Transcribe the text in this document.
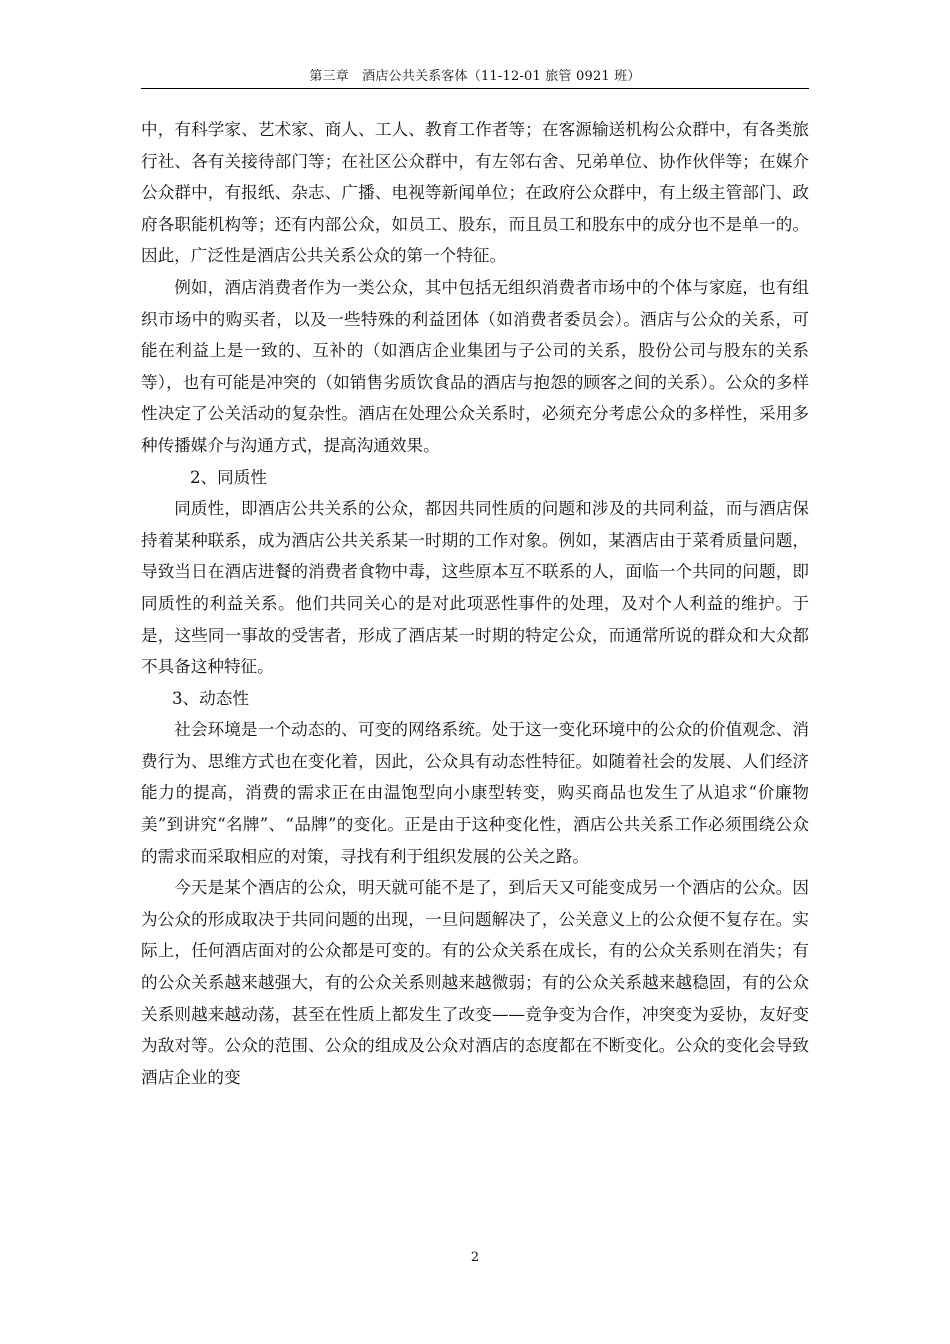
第三章　酒店公共关系客体（11-12-01 旅管 0921 班）

中，有科学家、艺术家、商人、工人、教育工作者等；在客源输送机构公众群中，有各类旅行社、各有关接待部门等；在社区公众群中，有左邻右舍、兄弟单位、协作伙伴等；在媒介公众群中，有报纸、杂志、广播、电视等新闻单位；在政府公众群中，有上级主管部门、政府各职能机构等；还有内部公众，如员工、股东，而且员工和股东中的成分也不是单一的。因此，广泛性是酒店公共关系公众的第一个特征。

例如，酒店消费者作为一类公众，其中包括无组织消费者市场中的个体与家庭，也有组织市场中的购买者，以及一些特殊的利益团体（如消费者委员会）。酒店与公众的关系，可能在利益上是一致的、互补的（如酒店企业集团与子公司的关系，股份公司与股东的关系等），也有可能是冲突的（如销售劣质饮食品的酒店与抱怨的顾客之间的关系）。公众的多样性决定了公关活动的复杂性。酒店在处理公众关系时，必须充分考虑公众的多样性，采用多种传播媒介与沟通方式，提高沟通效果。

2、同质性

同质性，即酒店公共关系的公众，都因共同性质的问题和涉及的共同利益，而与酒店保持着某种联系，成为酒店公共关系某一时期的工作对象。例如，某酒店由于菜肴质量问题，导致当日在酒店进餐的消费者食物中毒，这些原本互不联系的人，面临一个共同的问题，即同质性的利益关系。他们共同关心的是对此项恶性事件的处理，及对个人利益的维护。于是，这些同一事故的受害者，形成了酒店某一时期的特定公众，而通常所说的群众和大众都不具备这种特征。

3、动态性

社会环境是一个动态的、可变的网络系统。处于这一变化环境中的公众的价值观念、消费行为、思维方式也在变化着，因此，公众具有动态性特征。如随着社会的发展、人们经济能力的提高，消费的需求正在由温饱型向小康型转变，购买商品也发生了从追求“价廉物美”到讲究“名牌”、“品牌”的变化。正是由于这种变化性，酒店公共关系工作必须围绕公众的需求而采取相应的对策，寻找有利于组织发展的公关之路。

今天是某个酒店的公众，明天就可能不是了，到后天又可能变成另一个酒店的公众。因为公众的形成取决于共同问题的出现，一旦问题解决了，公关意义上的公众便不复存在。实际上，任何酒店面对的公众都是可变的。有的公众关系在成长，有的公众关系则在消失；有的公众关系越来越强大，有的公众关系则越来越微弱；有的公众关系越来越稳固，有的公众关系则越来越动荡，甚至在性质上都发生了改变——竞争变为合作，冲突变为妥协，友好变为敌对等。公众的范围、公众的组成及公众对酒店的态度都在不断变化。公众的变化会导致酒店企业的变

2
